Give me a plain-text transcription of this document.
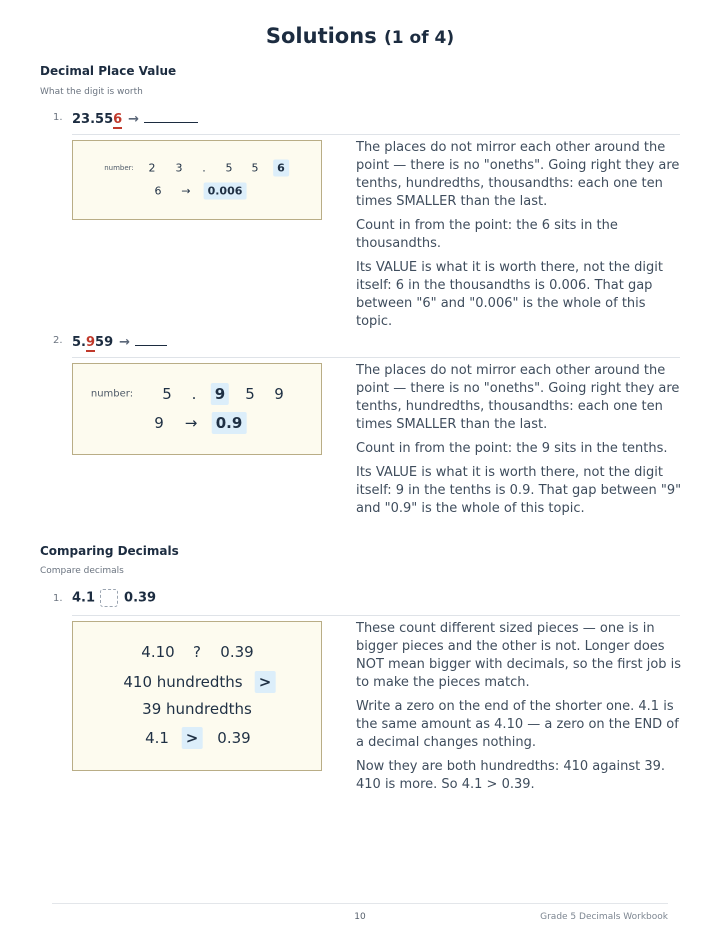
Solutions (1 of 4)
Decimal Place Value
What the digit is worth
1. 23.556 →
number: 2 3 . 5 5	6
6 →	0.006

The places do not mirror each other around the point — there is no "oneths". Going right they are tenths, hundredths, thousandths: each one ten times SMALLER than the last.

Count in from the point: the 6 sits in the thousandths.

Its VALUE is what it is worth there, not the digit itself: 6 in the thousandths is 0.006. That gap between "6" and "0.006" is the whole of this topic.

2. 5.959 →
number: 5 . 9 5 9
9 → 0.9

The places do not mirror each other around the point — there is no "oneths". Going right they are tenths, hundredths, thousandths: each one ten times SMALLER than the last.

Count in from the point: the 9 sits in the tenths.

Its VALUE is what it is worth there, not the digit itself: 9 in the tenths is 0.9. That gap between "9" and "0.9" is the whole of this topic.

Comparing Decimals
Compare decimals
1. 4.1 0.39
4.10 ? 0.39
410 hundredths >
39 hundredths
4.1 > 0.39

These count different sized pieces — one is in bigger pieces and the other is not. Longer does NOT mean bigger with decimals, so the first job is to make the pieces match.

Write a zero on the end of the shorter one. 4.1 is the same amount as 4.10 — a zero on the END of a decimal changes nothing.

Now they are both hundredths: 410 against 39. 410 is more. So 4.1 > 0.39.

10	Grade 5 Decimals Workbook
